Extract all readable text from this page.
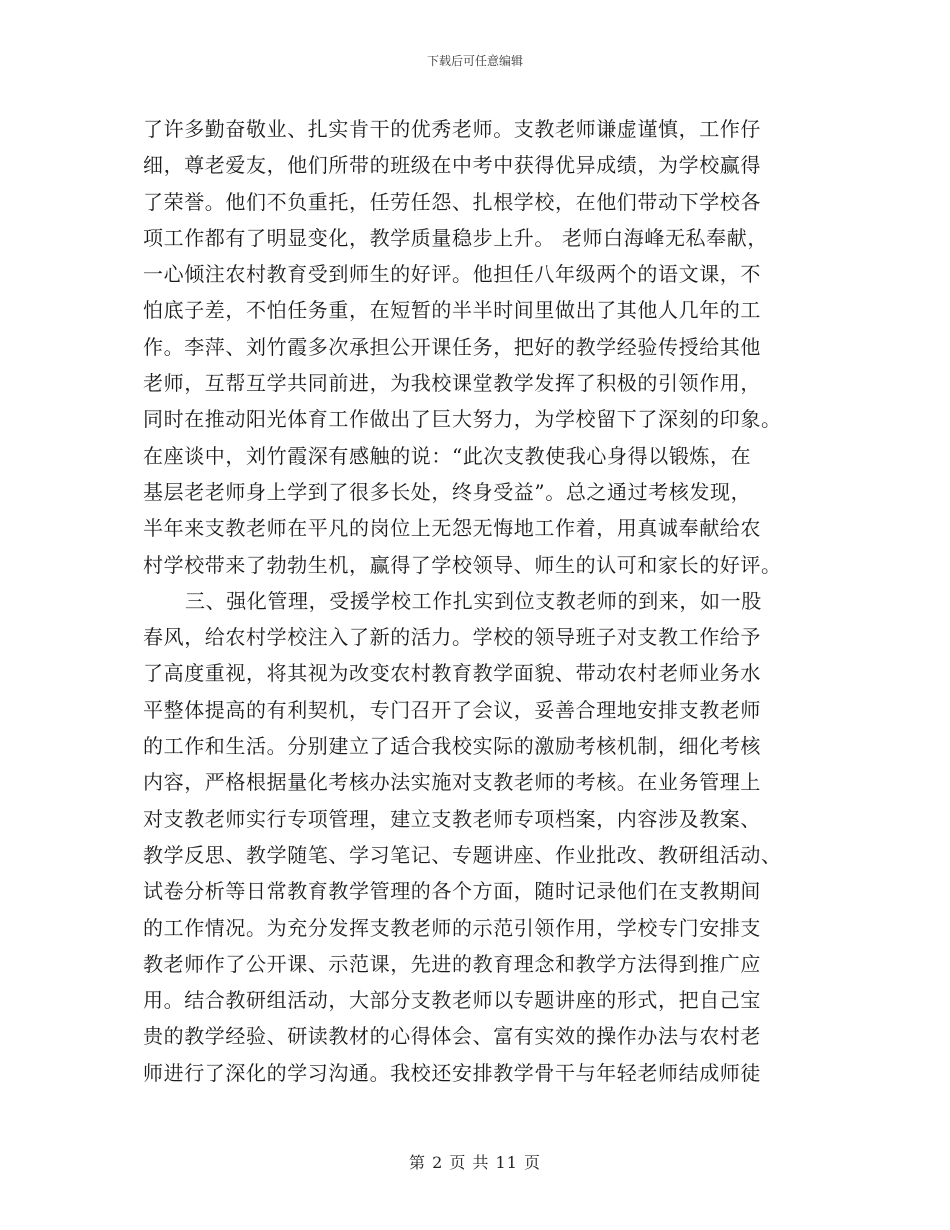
下载后可任意编辑
了许多勤奋敬业、扎实肯干的优秀老师。支教老师谦虚谨慎，工作仔
细，尊老爱友，他们所带的班级在中考中获得优异成绩，为学校赢得
了荣誉。他们不负重托，任劳任怨、扎根学校，在他们带动下学校各
项工作都有了明显变化，教学质量稳步上升。 老师白海峰无私奉献，
一心倾注农村教育受到师生的好评。他担任八年级两个的语文课，不
怕底子差，不怕任务重，在短暂的半半时间里做出了其他人几年的工
作。李萍、刘竹霞多次承担公开课任务，把好的教学经验传授给其他
老师，互帮互学共同前进，为我校课堂教学发挥了积极的引领作用，
同时在推动阳光体育工作做出了巨大努力，为学校留下了深刻的印象。
在座谈中，刘竹霞深有感触的说：“此次支教使我心身得以锻炼，在
基层老老师身上学到了很多长处，终身受益”。总之通过考核发现，
半年来支教老师在平凡的岗位上无怨无悔地工作着，用真诚奉献给农
村学校带来了勃勃生机，赢得了学校领导、师生的认可和家长的好评。
三、强化管理，受援学校工作扎实到位支教老师的到来，如一股
春风，给农村学校注入了新的活力。学校的领导班子对支教工作给予
了高度重视，将其视为改变农村教育教学面貌、带动农村老师业务水
平整体提高的有利契机，专门召开了会议，妥善合理地安排支教老师
的工作和生活。分别建立了适合我校实际的激励考核机制，细化考核
内容，严格根据量化考核办法实施对支教老师的考核。在业务管理上
对支教老师实行专项管理，建立支教老师专项档案，内容涉及教案、
教学反思、教学随笔、学习笔记、专题讲座、作业批改、教研组活动、
试卷分析等日常教育教学管理的各个方面，随时记录他们在支教期间
的工作情况。为充分发挥支教老师的示范引领作用，学校专门安排支
教老师作了公开课、示范课，先进的教育理念和教学方法得到推广应
用。结合教研组活动，大部分支教老师以专题讲座的形式，把自己宝
贵的教学经验、研读教材的心得体会、富有实效的操作办法与农村老
师进行了深化的学习沟通。我校还安排教学骨干与年轻老师结成师徒
第 2 页 共 11 页
